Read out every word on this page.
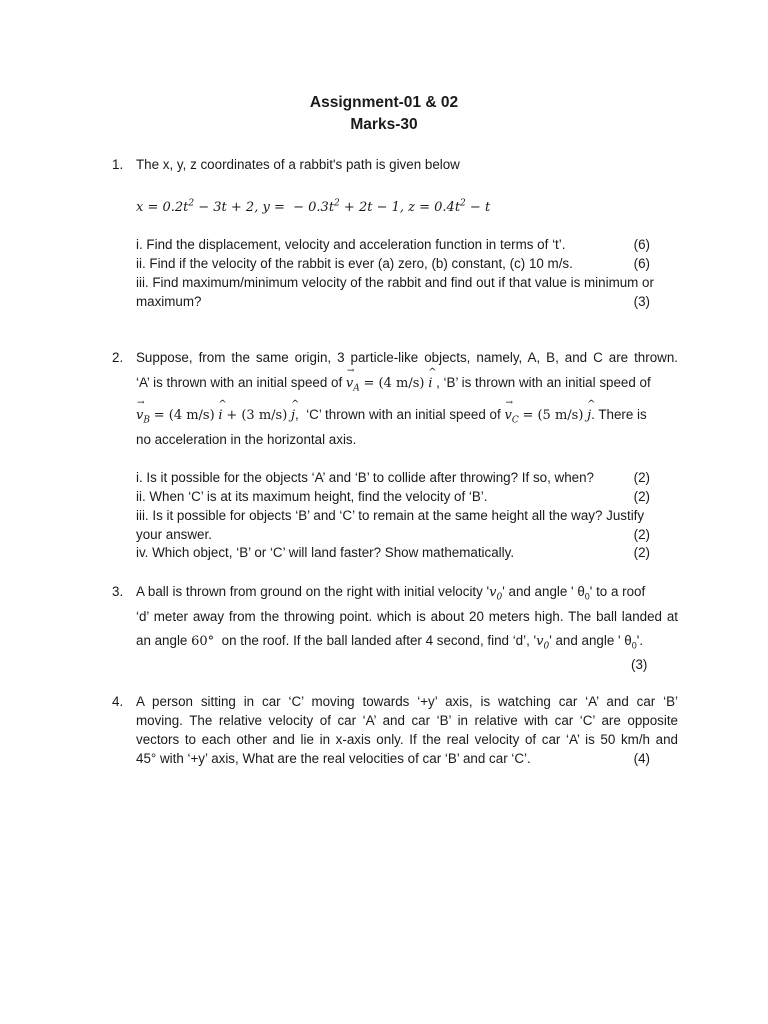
Assignment-01 & 02
Marks-30
1. The x, y, z coordinates of a rabbit's path is given below
$x = 0.2t^2 - 3t + 2$, y =  − $0.3t^2 + 2t - 1$, $z = 0.4t^2 - t$
i. Find the displacement, velocity and acceleration function in terms of ‘t’.	(6)
ii. Find if the velocity of the rabbit is ever (a) zero, (b) constant, (c) 10 m/s.	(6)
iii. Find maximum/minimum velocity of the rabbit and find out if that value is minimum or
maximum?	(3)
2. Suppose, from the same origin, 3 particle-like objects, namely, A, B, and C are thrown.
‘A’ is thrown with an initial speed of → $v_A = (4$ m/s) ^ i , ‘B’ is thrown with an initial speed of
→ $v_B = (4$ m/s) ^ i + (3 m/s) ^ j,  ‘C’ thrown with an initial speed of → $v_C = (5$ m/s) ^ j. There is
no acceleration in the horizontal axis.
i. Is it possible for the objects ‘A’ and ‘B’ to collide after throwing? If so, when?	(2)
ii. When ‘C’ is at its maximum height, find the velocity of ‘B’.	(2)
iii. Is it possible for objects ‘B’ and ‘C’ to remain at the same height all the way? Justify
your answer.	(2)
iv. Which object, ‘B’ or ‘C’ will land faster? Show mathematically.	(2)
3. A ball is thrown from ground on the right with initial velocity '$v_0$' and angle ' $\theta_0'$ to a roof
‘d’ meter away from the throwing point. which is about 20 meters high. The ball landed at
an angle 60° on the roof. If the ball landed after 4 second, find ‘d’, '$v_0$' and angle ' $\theta_0'$.
(3)
4. A person sitting in car ‘C’ moving towards ‘+y’ axis, is watching car ‘A’ and car ‘B’
moving. The relative velocity of car ‘A’ and car ‘B’ in relative with car ‘C’ are opposite
vectors to each other and lie in x-axis only. If the real velocity of car ‘A’ is 50 km/h and
45° with ‘+y’ axis, What are the real velocities of car ‘B’ and car ‘C’.	(4)
